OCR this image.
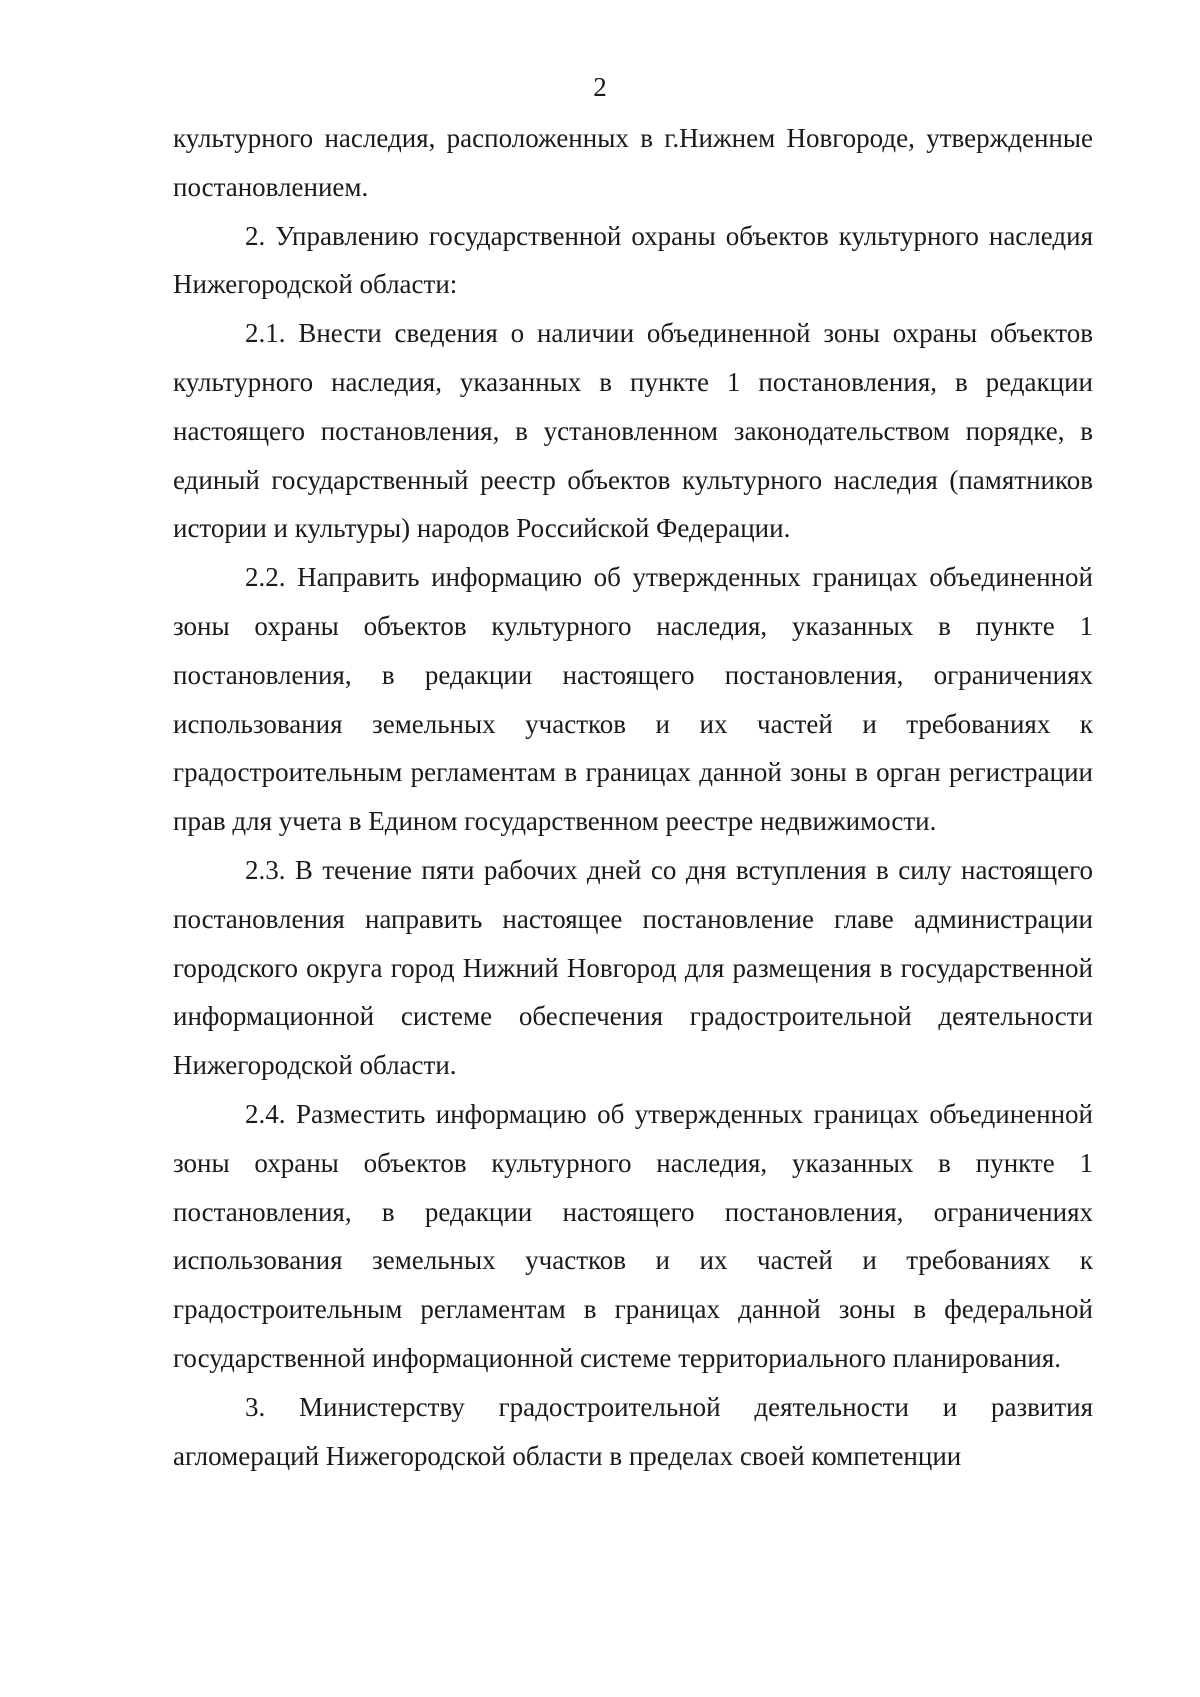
2

культурного наследия, расположенных в г.Нижнем Новгороде, утвержденные постановлением.

2. Управлению государственной охраны объектов культурного наследия Нижегородской области:

2.1. Внести сведения о наличии объединенной зоны охраны объектов культурного наследия, указанных в пункте 1 постановления, в редакции настоящего постановления, в установленном законодательством порядке, в единый государственный реестр объектов культурного наследия (памятников истории и культуры) народов Российской Федерации.

2.2. Направить информацию об утвержденных границах объединенной зоны охраны объектов культурного наследия, указанных в пункте 1 постановления, в редакции настоящего постановления, ограничениях использования земельных участков и их частей и требованиях к градостроительным регламентам в границах данной зоны в орган регистрации прав для учета в Едином государственном реестре недвижимости.

2.3. В течение пяти рабочих дней со дня вступления в силу настоящего постановления направить настоящее постановление главе администрации городского округа город Нижний Новгород для размещения в государственной информационной системе обеспечения градостроительной деятельности Нижегородской области.

2.4. Разместить информацию об утвержденных границах объединенной зоны охраны объектов культурного наследия, указанных в пункте 1 постановления, в редакции настоящего постановления, ограничениях использования земельных участков и их частей и требованиях к градостроительным регламентам в границах данной зоны в федеральной государственной информационной системе территориального планирования.

3. Министерству градостроительной деятельности и развития агломераций Нижегородской области в пределах своей компетенции
